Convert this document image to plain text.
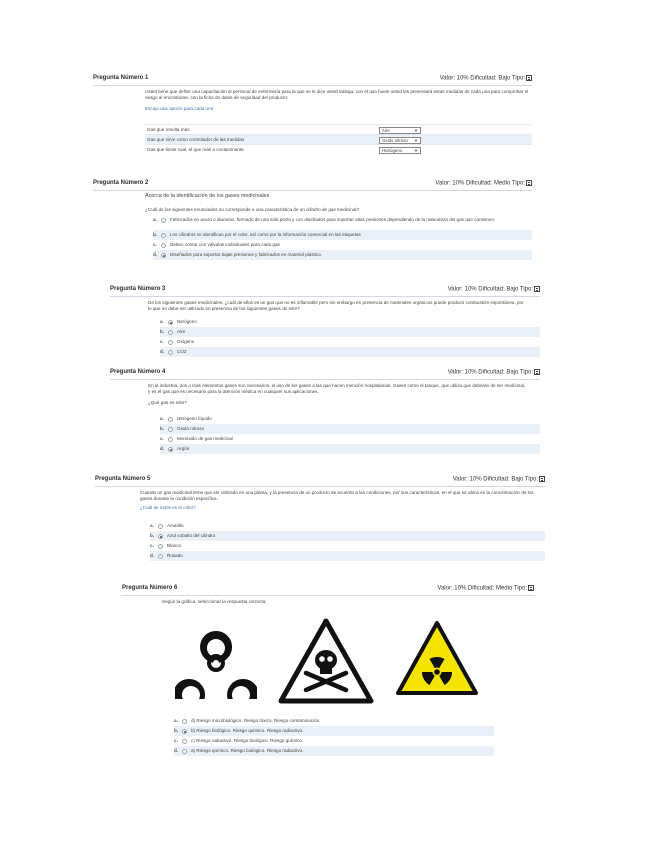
Pregunta Número 1	Valor: 10% Dificultad: Bajo Tipo:
Usted tiene que definir una capacitación al personal de enfermería para la que se le dice usted trabaja, con el que huele usted les presentará estas medidas de cada una para comprobar el riesgo al encontrarse, con la ficha de datos de seguridad del producto:
Escoja una opción para cada uno
Gas que resulta más	Aire	▼
Gas que sirve como controlador de las medidas	Oxido nitroso ▼
Gas que limite cual, el que más a contaminante	Hidrógeno	▼
Pregunta Número 2	Valor: 10% Dificultad: Medio Tipo:
Acerca de la identificación de los gases medicinales
¿Cuál de los siguientes enunciados no corresponde a una característica de un cilindro de gas medicinal?
a.	Fabricados en acero o aluminio, formado de una sola pieza y con diseñados para soportar altas presiones dependiendo de la naturaleza del gas que contienen.
b.	Los cilindros se identifican por el color, así como por la información comercial en las etiquetas
c.	Deben contar con válvulas individuales para cada gas
d.	Diseñados para soportar bajas presiones y fabricados en material plástico.
Pregunta Número 3	Valor: 10% Dificultad: Bajo Tipo:
De los siguientes gases medicinales, ¿cuál de ellos es un gas que no es inflamable pero sin embargo en presencia de materiales orgánicos puede producir combustión espontánea, por lo que no debe ser utilizado en presencia de los siguientes gases de este?
a.	Nitrógeno
b.	Aire
c.	Oxígeno
d.	CO2
Pregunta Número 4	Valor: 10% Dificultad: Bajo Tipo:
En la industria, dos o más elementos gases son necesarios, el uso de los gases a las que hacen mención hospitalarias. Gases como el tanque, que utiliza que deberán de ser medicinal, y es el gas que es necesario para la atención médica en cualquier sus aplicaciones.
¿Qué gas es este?
a.	Nitrógeno líquido
b.	Oxido nitroso
c.	Monóxido de gas medicinal
d.	Argón
Pregunta Número 5	Valor: 10% Dificultad: Bajo Tipo:
Cuando un gas medicinal tiene que ser utilizado en una planta, y la presencia de un producto de acuerdo a las condiciones, por sus características, en el que se ubica en la concentración de los gases durante la condición específica.
¿Cuál de estos es el color?
a.	Amarillo
b.	Azul cobalto del cilindro
c.	Blanco
d.	Rosado
Pregunta Número 6	Valor: 10% Dificultad: Medio Tipo:
Según la gráfica, seleccionar la respuesta correcta:
a.	d) Riesgo microbiológico. Riesgo tóxico. Riesgo contaminación.
b.	b) Riesgo biológico. Riesgo químico. Riesgo radiactivo.
c.	c) Riesgo radiactivo. Riesgo biológico. Riesgo químico.
d.	a) Riesgo químico. Riesgo biológico. Riesgo radiactivo.
